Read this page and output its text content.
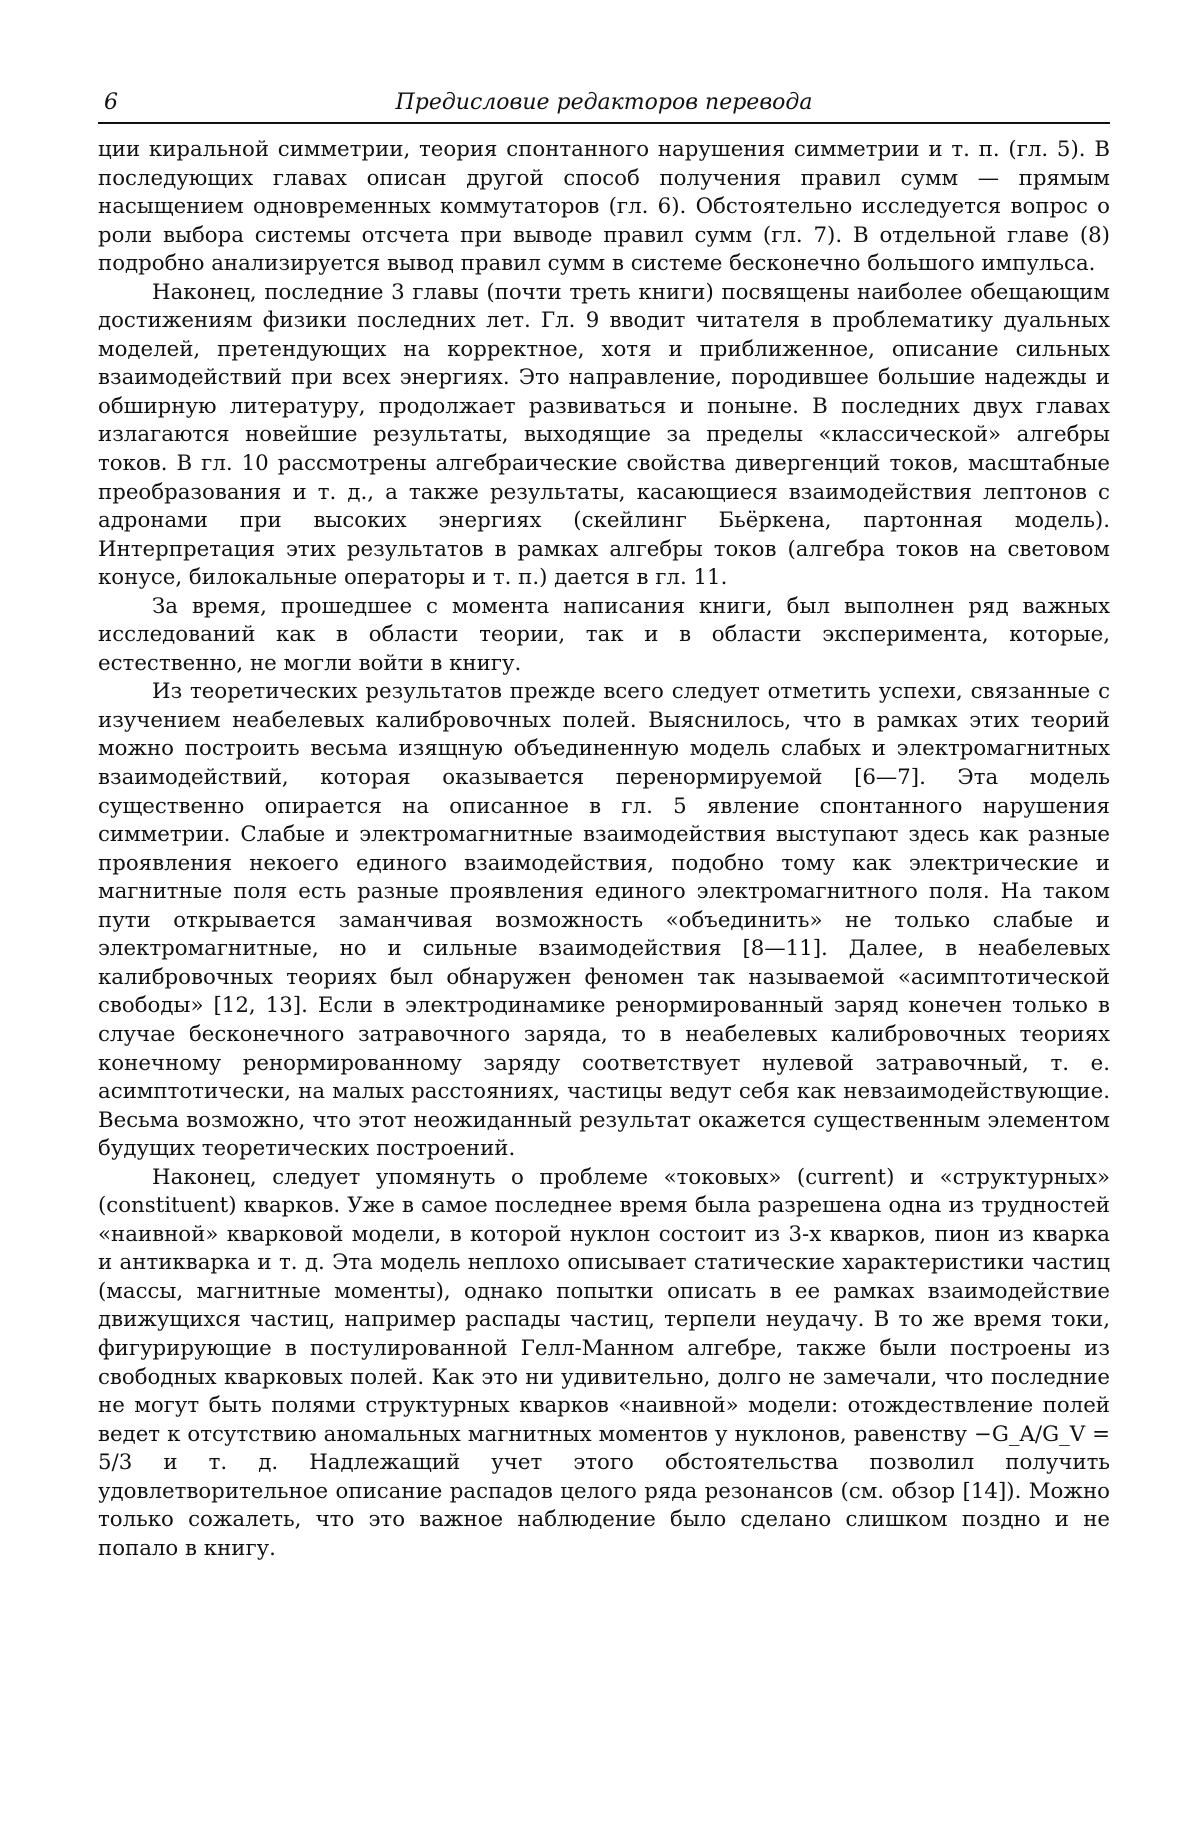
6	Предисловие редакторов перевода

ции киральной симметрии, теория спонтанного нарушения симметрии и т. п. (гл. 5). В последующих главах описан другой способ получения правил сумм — прямым насыщением одновременных коммутаторов (гл. 6). Обстоятельно исследуется вопрос о роли выбора системы отсчета при выводе правил сумм (гл. 7). В отдельной главе (8) подробно анализируется вывод правил сумм в системе бесконечно большого импульса.

Наконец, последние 3 главы (почти треть книги) посвящены наиболее обещающим достижениям физики последних лет. Гл. 9 вводит читателя в проблематику дуальных моделей, претендующих на корректное, хотя и приближенное, описание сильных взаимодействий при всех энергиях. Это направление, породившее большие надежды и обширную литературу, продолжает развиваться и поныне. В последних двух главах излагаются новейшие результаты, выходящие за пределы «классической» алгебры токов. В гл. 10 рассмотрены алгебраические свойства дивергенций токов, масштабные преобразования и т. д., а также результаты, касающиеся взаимодействия лептонов с адронами при высоких энергиях (скейлинг Бьёркена, партонная модель). Интерпретация этих результатов в рамках алгебры токов (алгебра токов на световом конусе, билокальные операторы и т. п.) дается в гл. 11.

За время, прошедшее с момента написания книги, был выполнен ряд важных исследований как в области теории, так и в области эксперимента, которые, естественно, не могли войти в книгу.

Из теоретических результатов прежде всего следует отметить успехи, связанные с изучением неабелевых калибровочных полей. Выяснилось, что в рамках этих теорий можно построить весьма изящную объединенную модель слабых и электромагнитных взаимодействий, которая оказывается перенормируемой [6—7]. Эта модель существенно опирается на описанное в гл. 5 явление спонтанного нарушения симметрии. Слабые и электромагнитные взаимодействия выступают здесь как разные проявления некоего единого взаимодействия, подобно тому как электрические и магнитные поля есть разные проявления единого электромагнитного поля. На таком пути открывается заманчивая возможность «объединить» не только слабые и электромагнитные, но и сильные взаимодействия [8—11]. Далее, в неабелевых калибровочных теориях был обнаружен феномен так называемой «асимптотической свободы» [12, 13]. Если в электродинамике ренормированный заряд конечен только в случае бесконечного затравочного заряда, то в неабелевых калибровочных теориях конечному ренормированному заряду соответствует нулевой затравочный, т. е. асимптотически, на малых расстояниях, частицы ведут себя как невзаимодействующие. Весьма возможно, что этот неожиданный результат окажется существенным элементом будущих теоретических построений.

Наконец, следует упомянуть о проблеме «токовых» (current) и «структурных» (constituent) кварков. Уже в самое последнее время была разрешена одна из трудностей «наивной» кварковой модели, в которой нуклон состоит из 3-х кварков, пион из кварка и антикварка и т. д. Эта модель неплохо описывает статические характеристики частиц (массы, магнитные моменты), однако попытки описать в ее рамках взаимодействие движущихся частиц, например распады частиц, терпели неудачу. В то же время токи, фигурирующие в постулированной Гелл-Манном алгебре, также были построены из свободных кварковых полей. Как это ни удивительно, долго не замечали, что последние не могут быть полями структурных кварков «наивной» модели: отождествление полей ведет к отсутствию аномальных магнитных моментов у нуклонов, равенству −G_A/G_V = 5/3 и т. д. Надлежащий учет этого обстоятельства позволил получить удовлетворительное описание распадов целого ряда резонансов (см. обзор [14]). Можно только сожалеть, что это важное наблюдение было сделано слишком поздно и не попало в книгу.
